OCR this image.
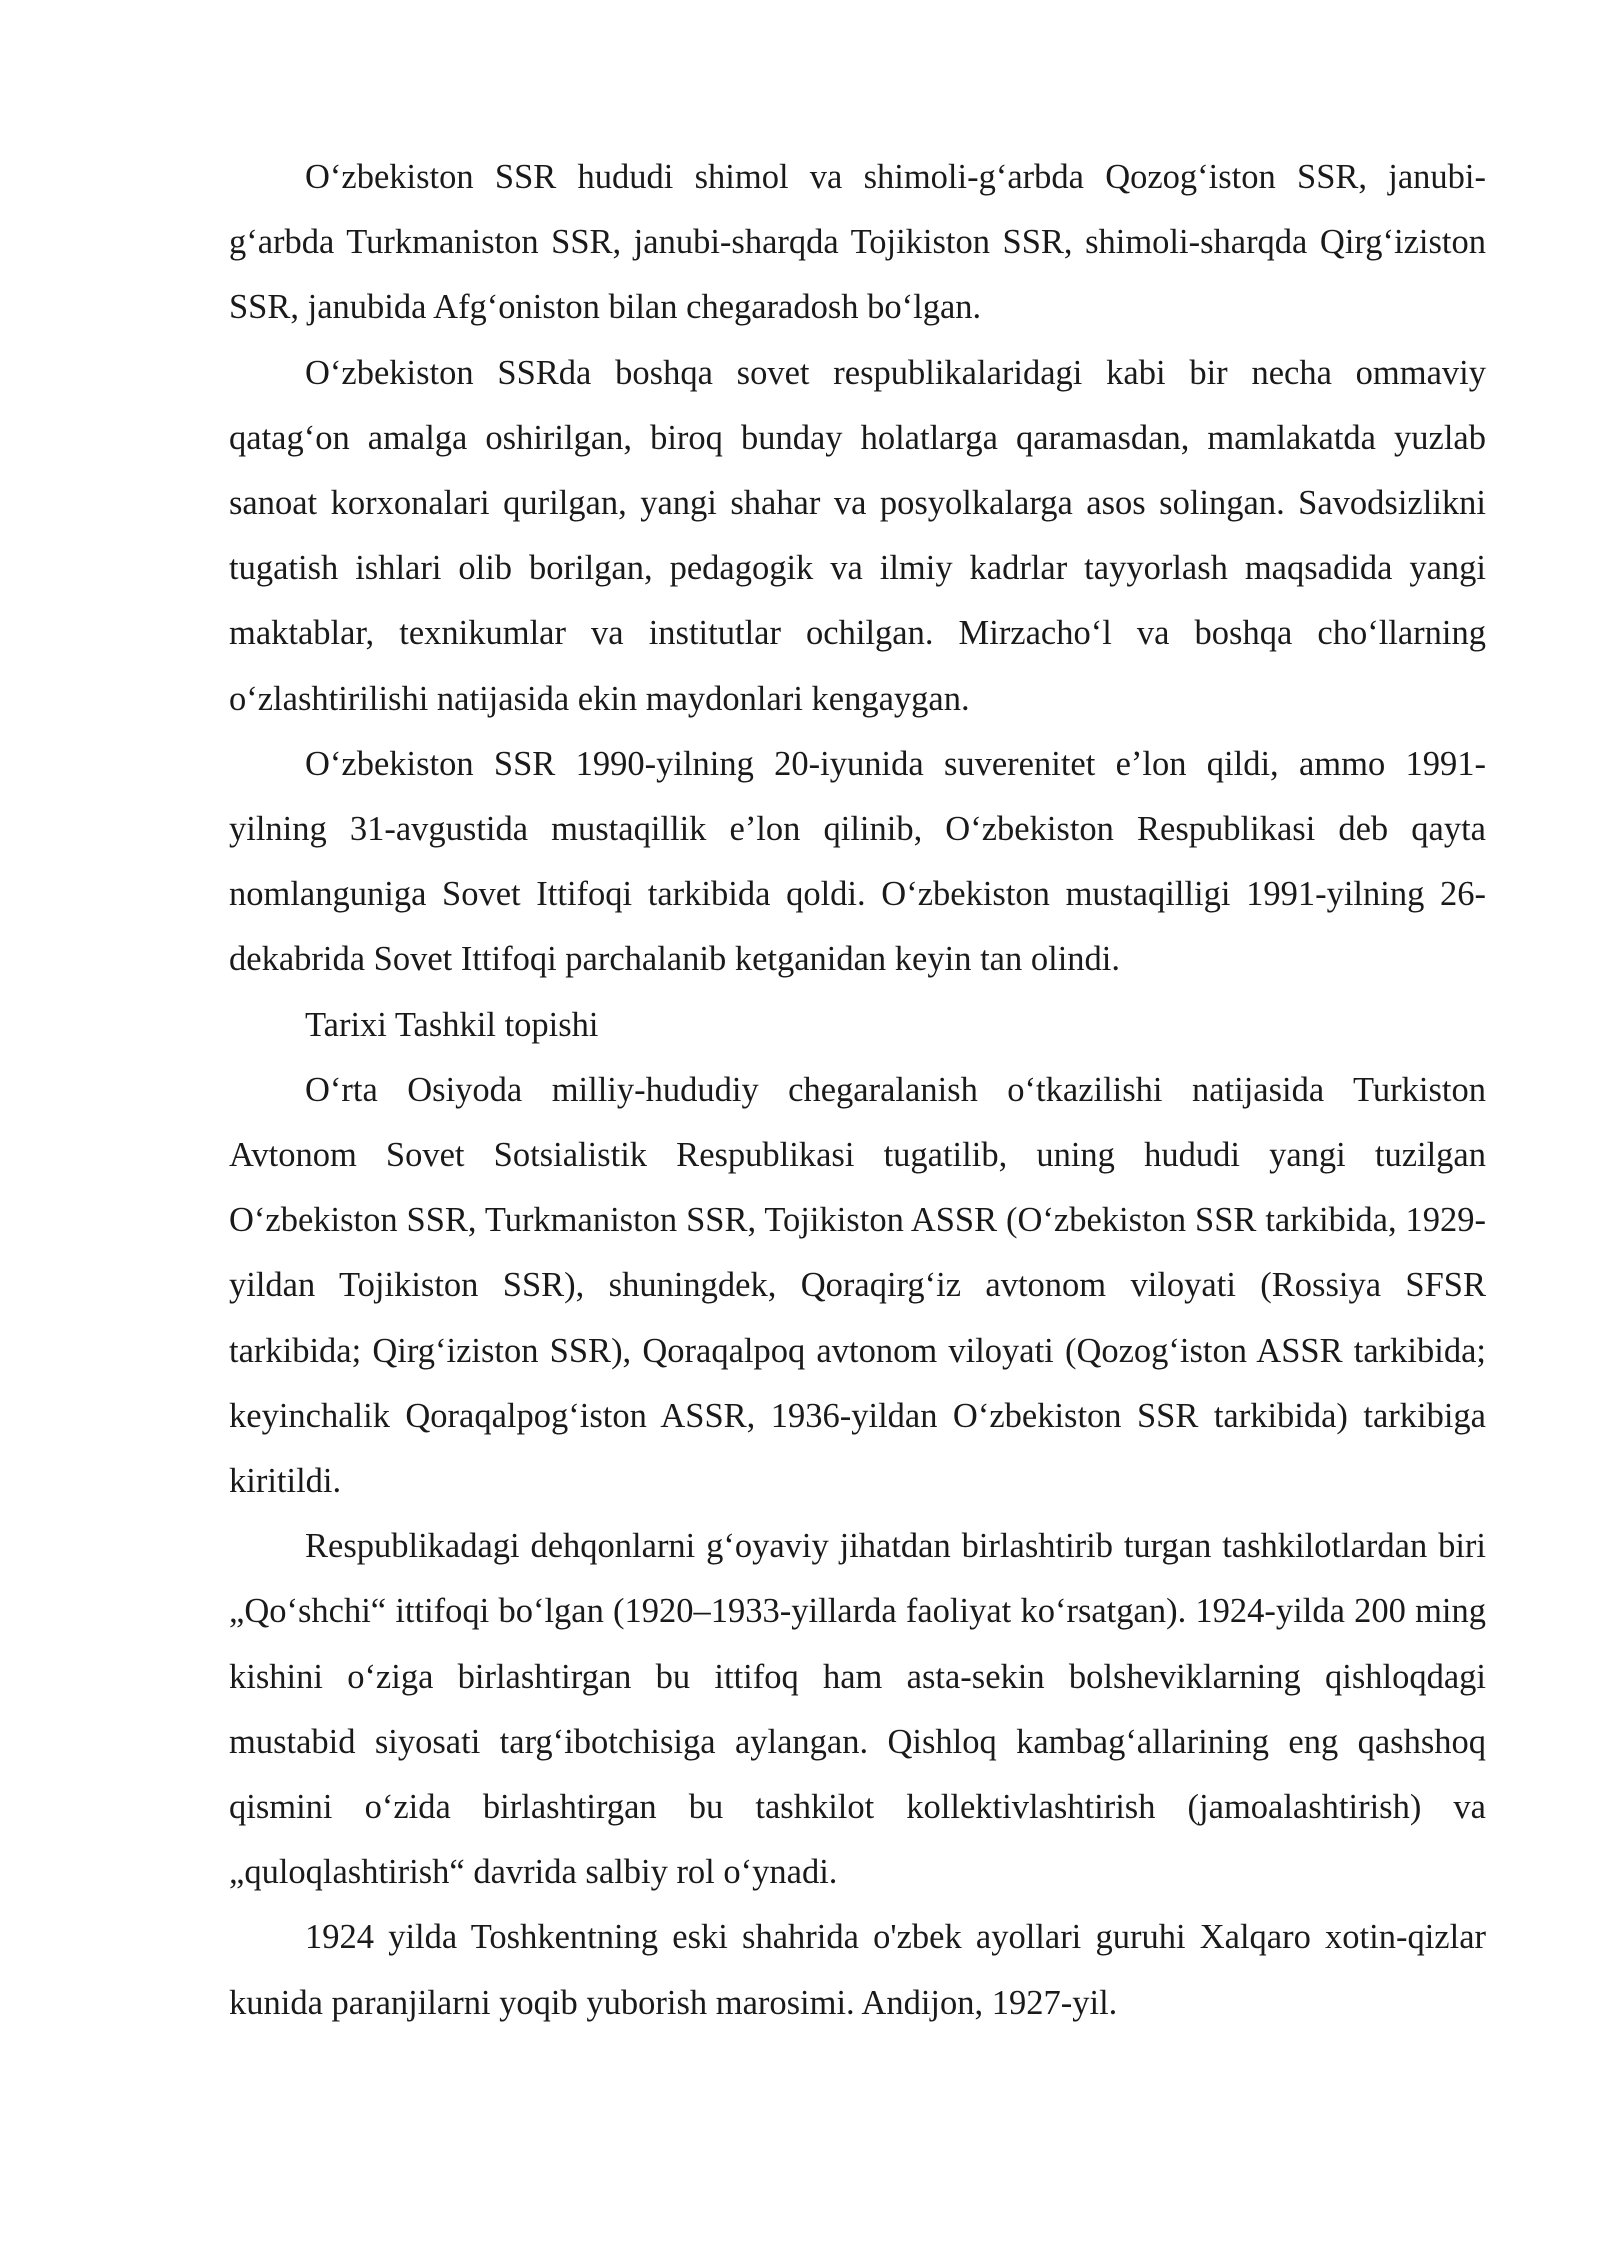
Oʻzbekiston SSR hududi shimol va shimoli-gʻarbda Qozogʻiston SSR, janubi-gʻarbda Turkmaniston SSR, janubi-sharqda Tojikiston SSR, shimoli-sharqda Qirgʻiziston SSR, janubida Afgʻoniston bilan chegaradosh boʻlgan.

Oʻzbekiston SSRda boshqa sovet respublikalaridagi kabi bir necha ommaviy qatagʻon amalga oshirilgan, biroq bunday holatlarga qaramasdan, mamlakatda yuzlab sanoat korxonalari qurilgan, yangi shahar va posyolkalarga asos solingan. Savodsizlikni tugatish ishlari olib borilgan, pedagogik va ilmiy kadrlar tayyorlash maqsadida yangi maktablar, texnikumlar va institutlar ochilgan. Mirzachoʻl va boshqa choʻllarning oʻzlashtirilishi natijasida ekin maydonlari kengaygan.

Oʻzbekiston SSR 1990-yilning 20-iyunida suverenitet eʼlon qildi, ammo 1991-yilning 31-avgustida mustaqillik eʼlon qilinib, Oʻzbekiston Respublikasi deb qayta nomlanguniga Sovet Ittifoqi tarkibida qoldi. Oʻzbekiston mustaqilligi 1991-yilning 26-dekabrida Sovet Ittifoqi parchalanib ketganidan keyin tan olindi.

Tarixi Tashkil topishi

Oʻrta Osiyoda milliy-hududiy chegaralanish oʻtkazilishi natijasida Turkiston Avtonom Sovet Sotsialistik Respublikasi tugatilib, uning hududi yangi tuzilgan Oʻzbekiston SSR, Turkmaniston SSR, Tojikiston ASSR (Oʻzbekiston SSR tarkibida, 1929-yildan Tojikiston SSR), shuningdek, Qoraqirgʻiz avtonom viloyati (Rossiya SFSR tarkibida; Qirgʻiziston SSR), Qoraqalpoq avtonom viloyati (Qozogʻiston ASSR tarkibida; keyinchalik Qoraqalpogʻiston ASSR, 1936-yildan Oʻzbekiston SSR tarkibida) tarkibiga kiritildi.

Respublikadagi dehqonlarni gʻoyaviy jihatdan birlashtirib turgan tashkilotlardan biri „Qoʻshchi“ ittifoqi boʻlgan (1920–1933-yillarda faoliyat koʻrsatgan). 1924-yilda 200 ming kishini oʻziga birlashtirgan bu ittifoq ham asta-sekin bolsheviklarning qishloqdagi mustabid siyosati targʻibotchisiga aylangan. Qishloq kambagʻallarining eng qashshoq qismini oʻzida birlashtirgan bu tashkilot kollektivlashtirish (jamoalashtirish) va „quloqlashtirish“ davrida salbiy rol oʻynadi.

1924 yilda Toshkentning eski shahrida o'zbek ayollari guruhi Xalqaro xotin-qizlar kunida paranjilarni yoqib yuborish marosimi. Andijon, 1927-yil.
